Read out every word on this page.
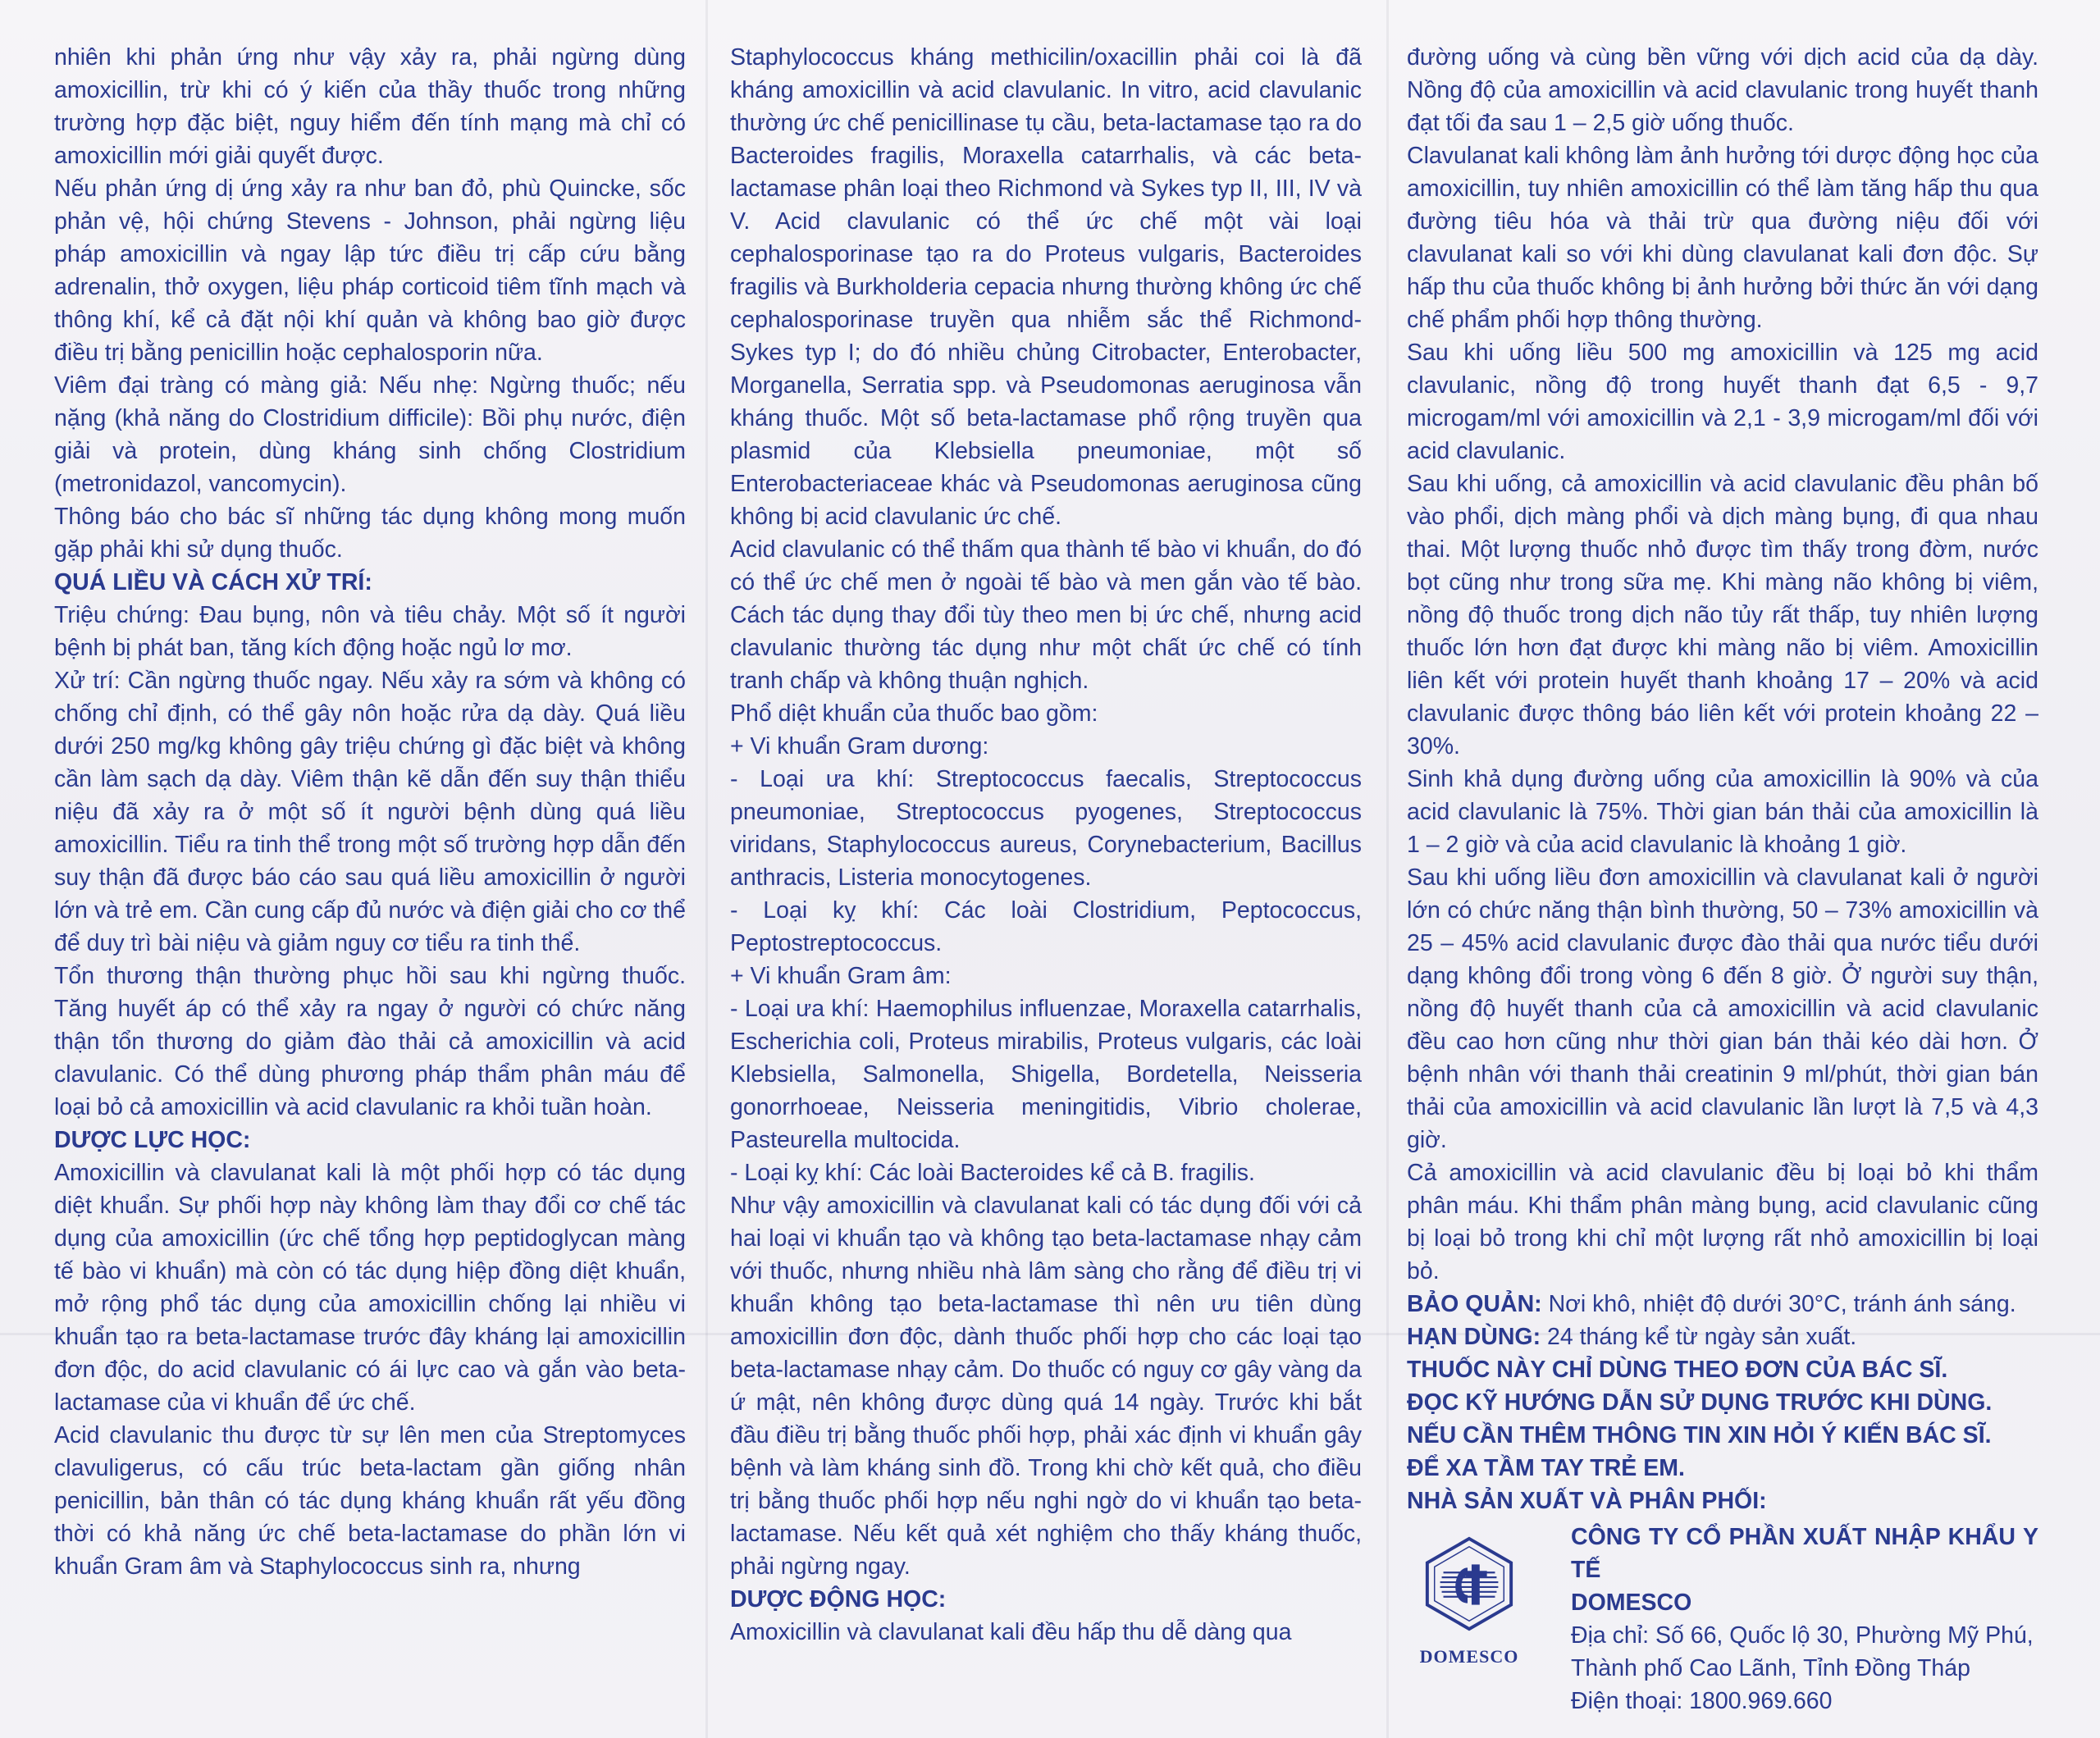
nhiên khi phản ứng như vậy xảy ra, phải ngừng dùng amoxicillin, trừ khi có ý kiến của thầy thuốc trong những trường hợp đặc biệt, nguy hiểm đến tính mạng mà chỉ có amoxicillin mới giải quyết được.

Nếu phản ứng dị ứng xảy ra như ban đỏ, phù Quincke, sốc phản vệ, hội chứng Stevens - Johnson, phải ngừng liệu pháp amoxicillin và ngay lập tức điều trị cấp cứu bằng adrenalin, thở oxygen, liệu pháp corticoid tiêm tĩnh mạch và thông khí, kể cả đặt nội khí quản và không bao giờ được điều trị bằng penicillin hoặc cephalosporin nữa.

Viêm đại tràng có màng giả: Nếu nhẹ: Ngừng thuốc; nếu nặng (khả năng do Clostridium difficile): Bồi phụ nước, điện giải và protein, dùng kháng sinh chống Clostridium (metronidazol, vancomycin).

Thông báo cho bác sĩ những tác dụng không mong muốn gặp phải khi sử dụng thuốc.

QUÁ LIỀU VÀ CÁCH XỬ TRÍ:

Triệu chứng: Đau bụng, nôn và tiêu chảy. Một số ít người bệnh bị phát ban, tăng kích động hoặc ngủ lơ mơ.

Xử trí: Cần ngừng thuốc ngay. Nếu xảy ra sớm và không có chống chỉ định, có thể gây nôn hoặc rửa dạ dày. Quá liều dưới 250 mg/kg không gây triệu chứng gì đặc biệt và không cần làm sạch dạ dày. Viêm thận kẽ dẫn đến suy thận thiểu niệu đã xảy ra ở một số ít người bệnh dùng quá liều amoxicillin. Tiểu ra tinh thể trong một số trường hợp dẫn đến suy thận đã được báo cáo sau quá liều amoxicillin ở người lớn và trẻ em. Cần cung cấp đủ nước và điện giải cho cơ thể để duy trì bài niệu và giảm nguy cơ tiểu ra tinh thể.

Tổn thương thận thường phục hồi sau khi ngừng thuốc. Tăng huyết áp có thể xảy ra ngay ở người có chức năng thận tổn thương do giảm đào thải cả amoxicillin và acid clavulanic. Có thể dùng phương pháp thẩm phân máu để loại bỏ cả amoxicillin và acid clavulanic ra khỏi tuần hoàn.

DƯỢC LỰC HỌC:

Amoxicillin và clavulanat kali là một phối hợp có tác dụng diệt khuẩn. Sự phối hợp này không làm thay đổi cơ chế tác dụng của amoxicillin (ức chế tổng hợp peptidoglycan màng tế bào vi khuẩn) mà còn có tác dụng hiệp đồng diệt khuẩn, mở rộng phổ tác dụng của amoxicillin chống lại nhiều vi khuẩn tạo ra beta-lactamase trước đây kháng lại amoxicillin đơn độc, do acid clavulanic có ái lực cao và gắn vào beta-lactamase của vi khuẩn để ức chế.

Acid clavulanic thu được từ sự lên men của Streptomyces clavuligerus, có cấu trúc beta-lactam gần giống nhân penicillin, bản thân có tác dụng kháng khuẩn rất yếu đồng thời có khả năng ức chế beta-lactamase do phần lớn vi khuẩn Gram âm và Staphylococcus sinh ra, nhưng

Staphylococcus kháng methicilin/oxacillin phải coi là đã kháng amoxicillin và acid clavulanic. In vitro, acid clavulanic thường ức chế penicillinase tụ cầu, beta-lactamase tạo ra do Bacteroides fragilis, Moraxella catarrhalis, và các beta-lactamase phân loại theo Richmond và Sykes typ II, III, IV và V. Acid clavulanic có thể ức chế một vài loại cephalosporinase tạo ra do Proteus vulgaris, Bacteroides fragilis và Burkholderia cepacia nhưng thường không ức chế cephalosporinase truyền qua nhiễm sắc thể Richmond-Sykes typ I; do đó nhiều chủng Citrobacter, Enterobacter, Morganella, Serratia spp. và Pseudomonas aeruginosa vẫn kháng thuốc. Một số beta-lactamase phổ rộng truyền qua plasmid của Klebsiella pneumoniae, một số Enterobacteriaceae khác và Pseudomonas aeruginosa cũng không bị acid clavulanic ức chế.

Acid clavulanic có thể thấm qua thành tế bào vi khuẩn, do đó có thể ức chế men ở ngoài tế bào và men gắn vào tế bào. Cách tác dụng thay đổi tùy theo men bị ức chế, nhưng acid clavulanic thường tác dụng như một chất ức chế có tính tranh chấp và không thuận nghịch.

Phổ diệt khuẩn của thuốc bao gồm:

+ Vi khuẩn Gram dương:

- Loại ưa khí: Streptococcus faecalis, Streptococcus pneumoniae, Streptococcus pyogenes, Streptococcus viridans, Staphylococcus aureus, Corynebacterium, Bacillus anthracis, Listeria monocytogenes.

- Loại kỵ khí: Các loài Clostridium, Peptococcus, Peptostreptococcus.

+ Vi khuẩn Gram âm:

- Loại ưa khí: Haemophilus influenzae, Moraxella catarrhalis, Escherichia coli, Proteus mirabilis, Proteus vulgaris, các loài Klebsiella, Salmonella, Shigella, Bordetella, Neisseria gonorrhoeae, Neisseria meningitidis, Vibrio cholerae, Pasteurella multocida.

- Loại kỵ khí: Các loài Bacteroides kể cả B. fragilis.

Như vậy amoxicillin và clavulanat kali có tác dụng đối với cả hai loại vi khuẩn tạo và không tạo beta-lactamase nhạy cảm với thuốc, nhưng nhiều nhà lâm sàng cho rằng để điều trị vi khuẩn không tạo beta-lactamase thì nên ưu tiên dùng amoxicillin đơn độc, dành thuốc phối hợp cho các loại tạo beta-lactamase nhạy cảm. Do thuốc có nguy cơ gây vàng da ứ mật, nên không được dùng quá 14 ngày. Trước khi bắt đầu điều trị bằng thuốc phối hợp, phải xác định vi khuẩn gây bệnh và làm kháng sinh đồ. Trong khi chờ kết quả, cho điều trị bằng thuốc phối hợp nếu nghi ngờ do vi khuẩn tạo beta-lactamase. Nếu kết quả xét nghiệm cho thấy kháng thuốc, phải ngừng ngay.

DƯỢC ĐỘNG HỌC:

Amoxicillin và clavulanat kali đều hấp thu dễ dàng qua

đường uống và cùng bền vững với dịch acid của dạ dày. Nồng độ của amoxicillin và acid clavulanic trong huyết thanh đạt tối đa sau 1 – 2,5 giờ uống thuốc.

Clavulanat kali không làm ảnh hưởng tới dược động học của amoxicillin, tuy nhiên amoxicillin có thể làm tăng hấp thu qua đường tiêu hóa và thải trừ qua đường niệu đối với clavulanat kali so với khi dùng clavulanat kali đơn độc. Sự hấp thu của thuốc không bị ảnh hưởng bởi thức ăn với dạng chế phẩm phối hợp thông thường.

Sau khi uống liều 500 mg amoxicillin và 125 mg acid clavulanic, nồng độ trong huyết thanh đạt 6,5 - 9,7 microgam/ml với amoxicillin và 2,1 - 3,9 microgam/ml đối với acid clavulanic.

Sau khi uống, cả amoxicillin và acid clavulanic đều phân bố vào phổi, dịch màng phổi và dịch màng bụng, đi qua nhau thai. Một lượng thuốc nhỏ được tìm thấy trong đờm, nước bọt cũng như trong sữa mẹ. Khi màng não không bị viêm, nồng độ thuốc trong dịch não tủy rất thấp, tuy nhiên lượng thuốc lớn hơn đạt được khi màng não bị viêm. Amoxicillin liên kết với protein huyết thanh khoảng 17 – 20% và acid clavulanic được thông báo liên kết với protein khoảng 22 – 30%.

Sinh khả dụng đường uống của amoxicillin là 90% và của acid clavulanic là 75%. Thời gian bán thải của amoxicillin là 1 – 2 giờ và của acid clavulanic là khoảng 1 giờ.

Sau khi uống liều đơn amoxicillin và clavulanat kali ở người lớn có chức năng thận bình thường, 50 – 73% amoxicillin và 25 – 45% acid clavulanic được đào thải qua nước tiểu dưới dạng không đổi trong vòng 6 đến 8 giờ. Ở người suy thận, nồng độ huyết thanh của cả amoxicillin và acid clavulanic đều cao hơn cũng như thời gian bán thải kéo dài hơn. Ở bệnh nhân với thanh thải creatinin 9 ml/phút, thời gian bán thải của amoxicillin và acid clavulanic lần lượt là 7,5 và 4,3 giờ.

Cả amoxicillin và acid clavulanic đều bị loại bỏ khi thẩm phân máu. Khi thẩm phân màng bụng, acid clavulanic cũng bị loại bỏ trong khi chỉ một lượng rất nhỏ amoxicillin bị loại bỏ.

BẢO QUẢN: Nơi khô, nhiệt độ dưới 30°C, tránh ánh sáng.

HẠN DÙNG: 24 tháng kể từ ngày sản xuất.

THUỐC NÀY CHỈ DÙNG THEO ĐƠN CỦA BÁC SĨ.

ĐỌC KỸ HƯỚNG DẪN SỬ DỤNG TRƯỚC KHI DÙNG.

NẾU CẦN THÊM THÔNG TIN XIN HỎI Ý KIẾN BÁC SĨ.

ĐỂ XA TẦM TAY TRẺ EM.

NHÀ SẢN XUẤT VÀ PHÂN PHỐI:

DOMESCO

CÔNG TY CỔ PHẦN XUẤT NHẬP KHẨU Y TẾ

DOMESCO

Địa chỉ: Số 66, Quốc lộ 30, Phường Mỹ Phú,

Thành phố Cao Lãnh, Tỉnh Đồng Tháp

Điện thoại: 1800.969.660
